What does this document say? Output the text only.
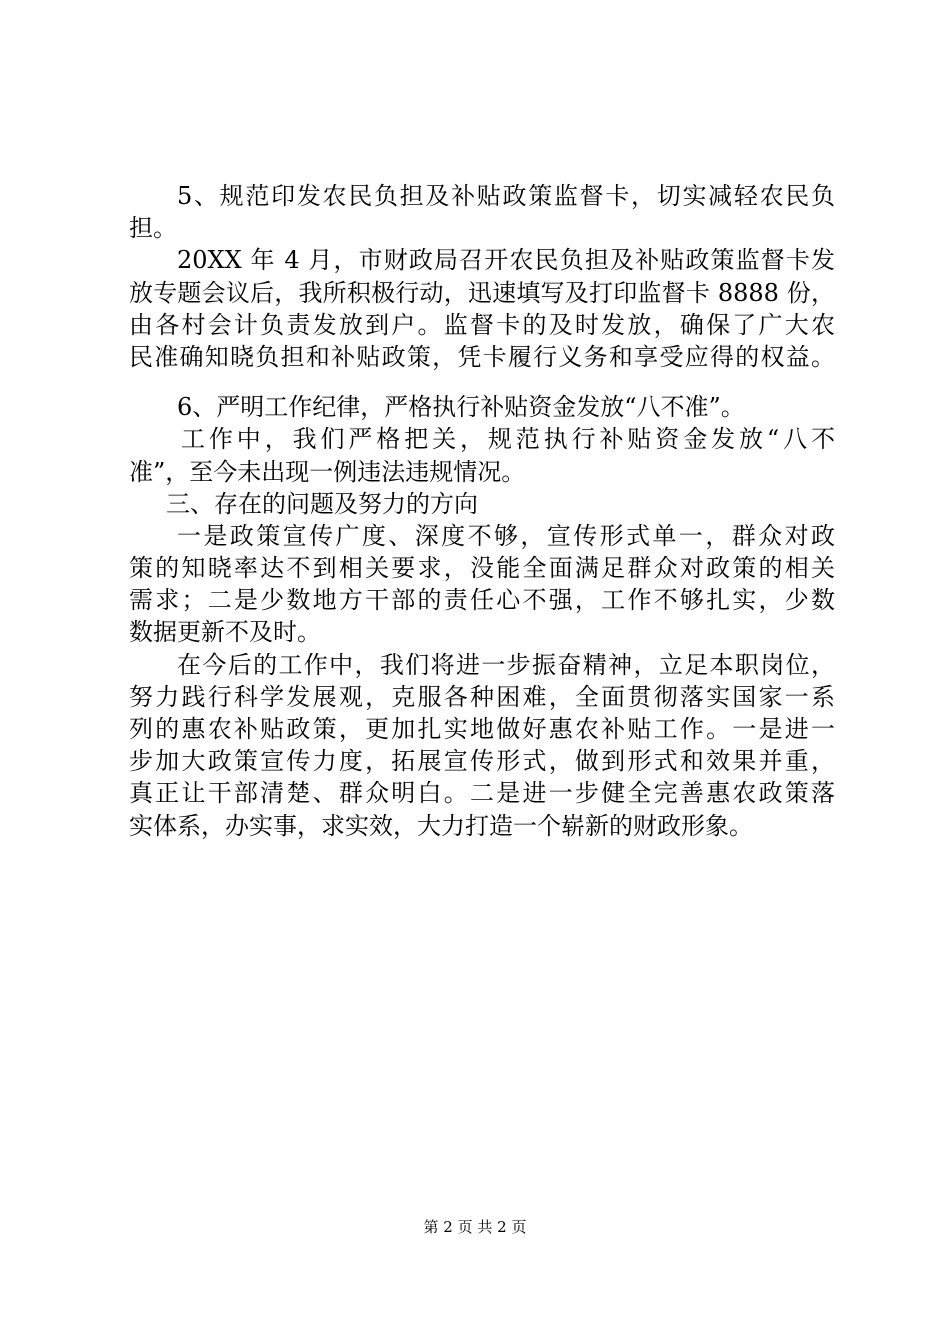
5、规范印发农民负担及补贴政策监督卡，切实减轻农民负
担。
20XX 年 4 月，市财政局召开农民负担及补贴政策监督卡发
放专题会议后，我所积极行动，迅速填写及打印监督卡 8888 份，
由各村会计负责发放到户。监督卡的及时发放，确保了广大农
民准确知晓负担和补贴政策，凭卡履行义务和享受应得的权益。
6、严明工作纪律，严格执行补贴资金发放“八不准”。
工作中，我们严格把关，规范执行补贴资金发放“八不
准”，至今未出现一例违法违规情况。
三、存在的问题及努力的方向
一是政策宣传广度、深度不够，宣传形式单一，群众对政
策的知晓率达不到相关要求，没能全面满足群众对政策的相关
需求；二是少数地方干部的责任心不强，工作不够扎实，少数
数据更新不及时。
在今后的工作中，我们将进一步振奋精神，立足本职岗位，
努力践行科学发展观，克服各种困难，全面贯彻落实国家一系
列的惠农补贴政策，更加扎实地做好惠农补贴工作。一是进一
步加大政策宣传力度，拓展宣传形式，做到形式和效果并重，
真正让干部清楚、群众明白。二是进一步健全完善惠农政策落
实体系，办实事，求实效，大力打造一个崭新的财政形象。
第 2 页 共 2 页
